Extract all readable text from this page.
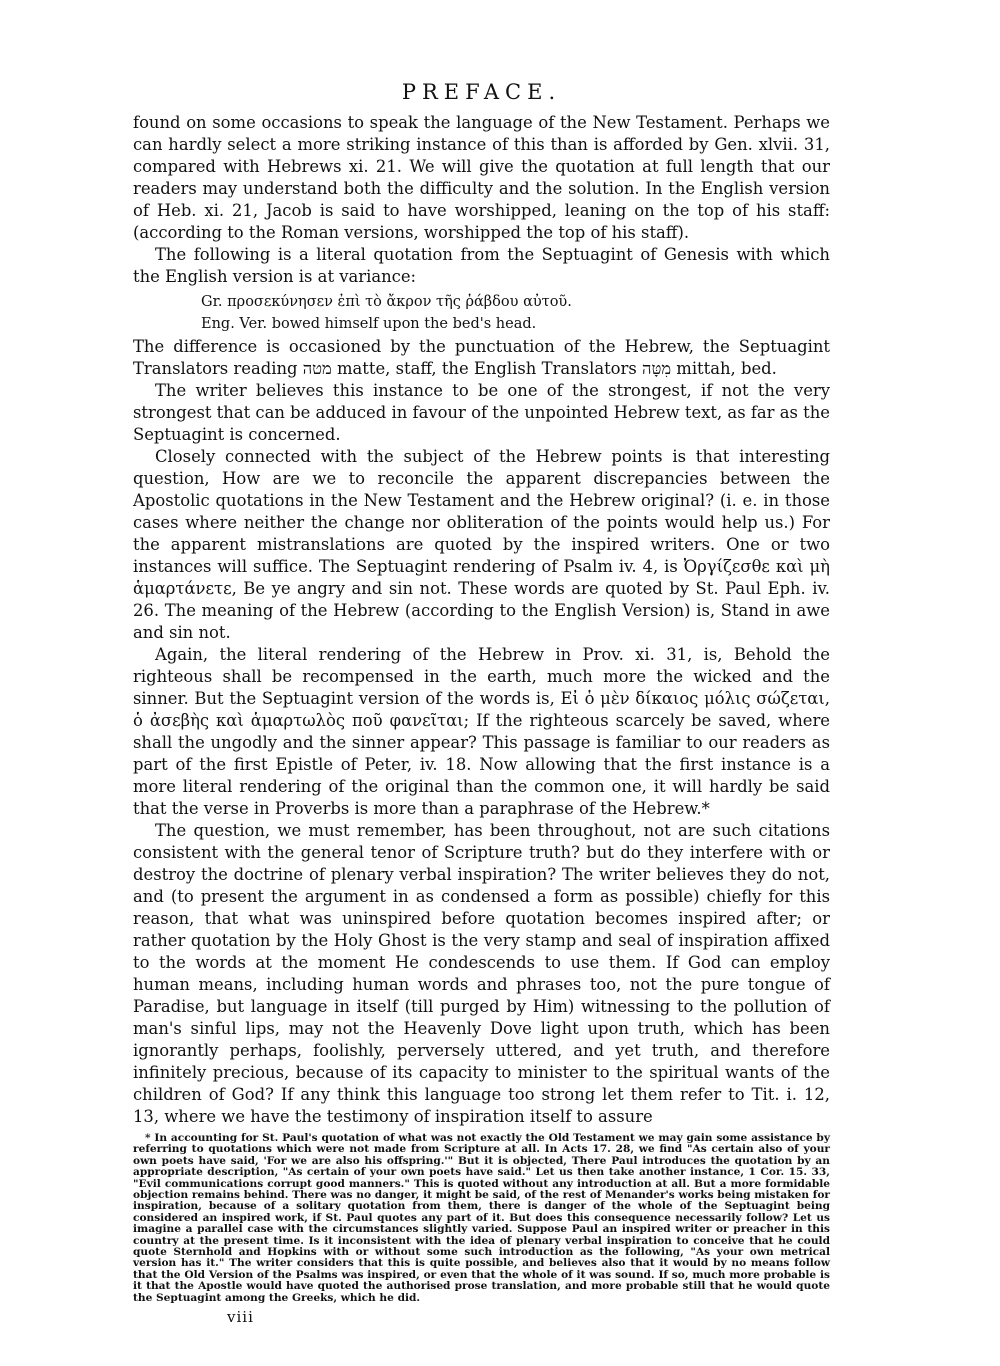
PREFACE.

found on some occasions to speak the language of the New Testament. Perhaps we can hardly select a more striking instance of this than is afforded by Gen. xlvii. 31, compared with Hebrews xi. 21. We will give the quotation at full length that our readers may understand both the difficulty and the solution. In the English version of Heb. xi. 21, Jacob is said to have worshipped, leaning on the top of his staff: (according to the Roman versions, worshipped the top of his staff).

The following is a literal quotation from the Septuagint of Genesis with which the English version is at variance:

Gr. προσεκύνησεν ἐπὶ τὸ ἄκρον τῆς ῥάβδου αὐτοῦ.
Eng. Ver. bowed himself upon the bed's head.

The difference is occasioned by the punctuation of the Hebrew, the Septuagint Translators reading מטה matte, staff, the English Translators מִטָּה mittah, bed.

The writer believes this instance to be one of the strongest, if not the very strongest that can be adduced in favour of the unpointed Hebrew text, as far as the Septuagint is concerned.

Closely connected with the subject of the Hebrew points is that interesting question, How are we to reconcile the apparent discrepancies between the Apostolic quotations in the New Testament and the Hebrew original? (i. e. in those cases where neither the change nor obliteration of the points would help us.) For the apparent mistranslations are quoted by the inspired writers. One or two instances will suffice. The Septuagint rendering of Psalm iv. 4, is Ὀργίζεσθε καὶ μὴ ἁμαρτάνετε, Be ye angry and sin not. These words are quoted by St. Paul Eph. iv. 26. The meaning of the Hebrew (according to the English Version) is, Stand in awe and sin not.

Again, the literal rendering of the Hebrew in Prov. xi. 31, is, Behold the righteous shall be recompensed in the earth, much more the wicked and the sinner. But the Septuagint version of the words is, Εἰ ὁ μὲν δίκαιος μόλις σώζεται, ὁ ἀσεβὴς καὶ ἁμαρτωλὸς ποῦ φανεῖται; If the righteous scarcely be saved, where shall the ungodly and the sinner appear? This passage is familiar to our readers as part of the first Epistle of Peter, iv. 18. Now allowing that the first instance is a more literal rendering of the original than the common one, it will hardly be said that the verse in Proverbs is more than a paraphrase of the Hebrew.*

The question, we must remember, has been throughout, not are such citations consistent with the general tenor of Scripture truth? but do they interfere with or destroy the doctrine of plenary verbal inspiration? The writer believes they do not, and (to present the argument in as condensed a form as possible) chiefly for this reason, that what was uninspired before quotation becomes inspired after; or rather quotation by the Holy Ghost is the very stamp and seal of inspiration affixed to the words at the moment He condescends to use them. If God can employ human means, including human words and phrases too, not the pure tongue of Paradise, but language in itself (till purged by Him) witnessing to the pollution of man's sinful lips, may not the Heavenly Dove light upon truth, which has been ignorantly perhaps, foolishly, perversely uttered, and yet truth, and therefore infinitely precious, because of its capacity to minister to the spiritual wants of the children of God? If any think this language too strong let them refer to Tit. i. 12, 13, where we have the testimony of inspiration itself to assure

* In accounting for St. Paul's quotation of what was not exactly the Old Testament we may gain some assistance by referring to quotations which were not made from Scripture at all. In Acts 17. 28, we find "As certain also of your own poets have said, 'For we are also his offspring.'" But it is objected, There Paul introduces the quotation by an appropriate description, "As certain of your own poets have said." Let us then take another instance, 1 Cor. 15. 33, "Evil communications corrupt good manners." This is quoted without any introduction at all. But a more formidable objection remains behind. There was no danger, it might be said, of the rest of Menander's works being mistaken for inspiration, because of a solitary quotation from them, there is danger of the whole of the Septuagint being considered an inspired work, if St. Paul quotes any part of it. But does this consequence necessarily follow? Let us imagine a parallel case with the circumstances slightly varied. Suppose Paul an inspired writer or preacher in this country at the present time. Is it inconsistent with the idea of plenary verbal inspiration to conceive that he could quote Sternhold and Hopkins with or without some such introduction as the following, "As your own metrical version has it." The writer considers that this is quite possible, and believes also that it would by no means follow that the Old Version of the Psalms was inspired, or even that the whole of it was sound. If so, much more probable is it that the Apostle would have quoted the authorised prose translation, and more probable still that he would quote the Septuagint among the Greeks, which he did.
viii
